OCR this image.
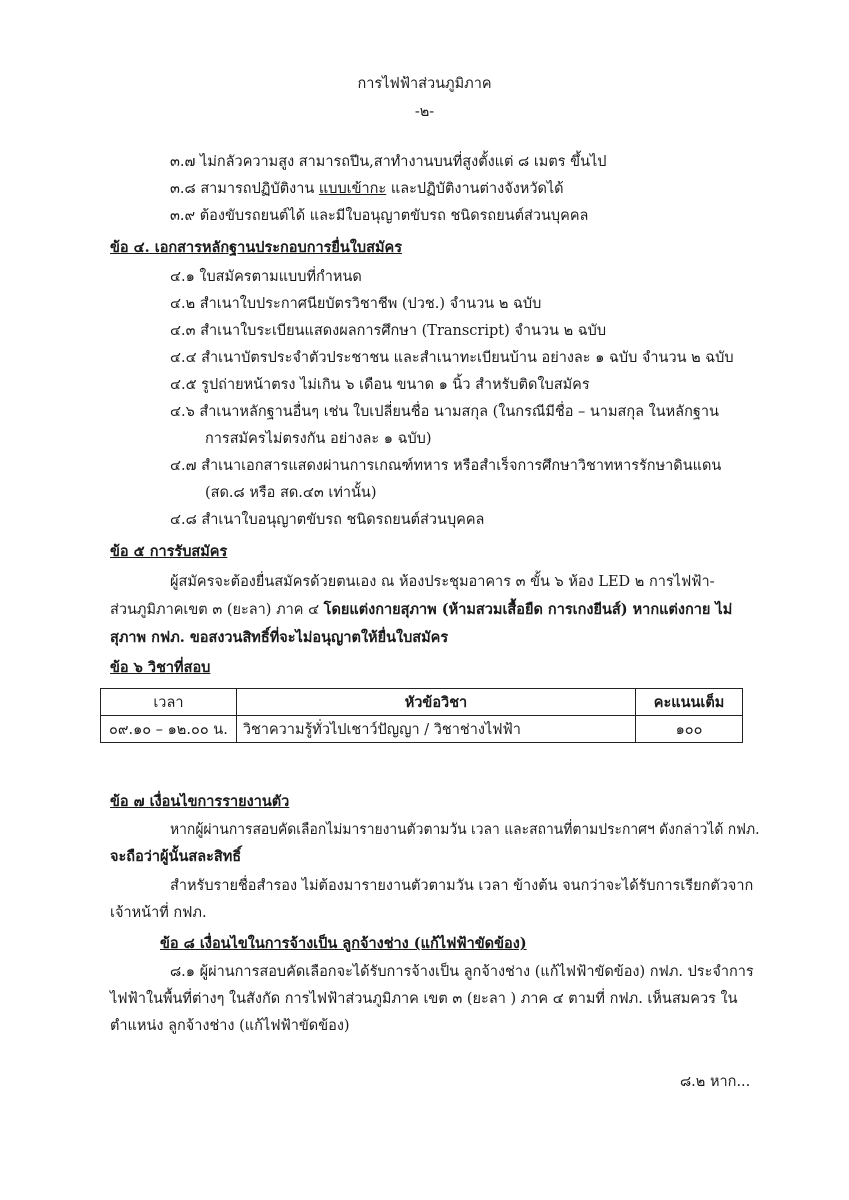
การไฟฟ้าส่วนภูมิภาค
-๒-
๓.๗ ไม่กลัวความสูง สามารถปีน,สาทำงานบนที่สูงตั้งแต่ ๘ เมตร ขึ้นไป
๓.๘ สามารถปฏิบัติงาน แบบเข้ากะ และปฏิบัติงานต่างจังหวัดได้
๓.๙ ต้องขับรถยนต์ได้ และมีใบอนุญาตขับรถ ชนิดรถยนต์ส่วนบุคคล
ข้อ ๔. เอกสารหลักฐานประกอบการยื่นใบสมัคร
๔.๑ ใบสมัครตามแบบที่กำหนด
๔.๒ สำเนาใบประกาศนียบัตรวิชาชีพ (ปวช.) จำนวน ๒ ฉบับ
๔.๓ สำเนาใบระเบียนแสดงผลการศึกษา (Transcript) จำนวน ๒ ฉบับ
๔.๔ สำเนาบัตรประจำตัวประชาชน และสำเนาทะเบียนบ้าน อย่างละ ๑ ฉบับ จำนวน ๒ ฉบับ
๔.๕ รูปถ่ายหน้าตรง ไม่เกิน ๖ เดือน ขนาด ๑ นิ้ว สำหรับติดใบสมัคร
๔.๖ สำเนาหลักฐานอื่นๆ เช่น ใบเปลี่ยนชื่อ นามสกุล (ในกรณีมีชื่อ – นามสกุล ในหลักฐาน
การสมัครไม่ตรงกัน อย่างละ ๑ ฉบับ)
๔.๗ สำเนาเอกสารแสดงผ่านการเกณฑ์ทหาร หรือสำเร็จการศึกษาวิชาทหารรักษาดินแดน
(สด.๘ หรือ สด.๔๓ เท่านั้น)
๔.๘ สำเนาใบอนุญาตขับรถ ชนิดรถยนต์ส่วนบุคคล
ข้อ ๕ การรับสมัคร
ผู้สมัครจะต้องยื่นสมัครด้วยตนเอง ณ ห้องประชุมอาคาร ๓ ขั้น ๖ ห้อง LED ๒ การไฟฟ้า-
ส่วนภูมิภาคเขต ๓ (ยะลา) ภาค ๔ โดยแต่งกายสุภาพ (ห้ามสวมเสื้อยืด การเกงยีนส์) หากแต่งกาย ไม่
สุภาพ กฟภ. ขอสงวนสิทธิ์ที่จะไม่อนุญาตให้ยื่นใบสมัคร
ข้อ ๖ วิชาที่สอบ
เวลา	หัวข้อวิชา	คะแนนเต็ม
๐๙.๑๐ – ๑๒.๐๐ น.	วิชาความรู้ทั่วไปเชาว์ปัญญา / วิชาช่างไฟฟ้า	๑๐๐
ข้อ ๗ เงื่อนไขการรายงานตัว
หากผู้ผ่านการสอบคัดเลือกไม่มารายงานตัวตามวัน เวลา และสถานที่ตามประกาศฯ ดังกล่าวได้ กฟภ.
จะถือว่าผู้นั้นสละสิทธิ์
สำหรับรายชื่อสำรอง ไม่ต้องมารายงานตัวตามวัน เวลา ข้างต้น จนกว่าจะได้รับการเรียกตัวจาก
เจ้าหน้าที่ กฟภ.
ข้อ ๘ เงื่อนไขในการจ้างเป็น ลูกจ้างช่าง (แก้ไฟฟ้าขัดข้อง)
๘.๑ ผู้ผ่านการสอบคัดเลือกจะได้รับการจ้างเป็น ลูกจ้างช่าง (แก้ไฟฟ้าขัดข้อง) กฟภ. ประจำการ
ไฟฟ้าในพื้นที่ต่างๆ ในสังกัด การไฟฟ้าส่วนภูมิภาค เขต ๓ (ยะลา ) ภาค ๔ ตามที่ กฟภ. เห็นสมควร ใน
ตำแหน่ง ลูกจ้างช่าง (แก้ไฟฟ้าขัดข้อง)
๘.๒ หาก...
